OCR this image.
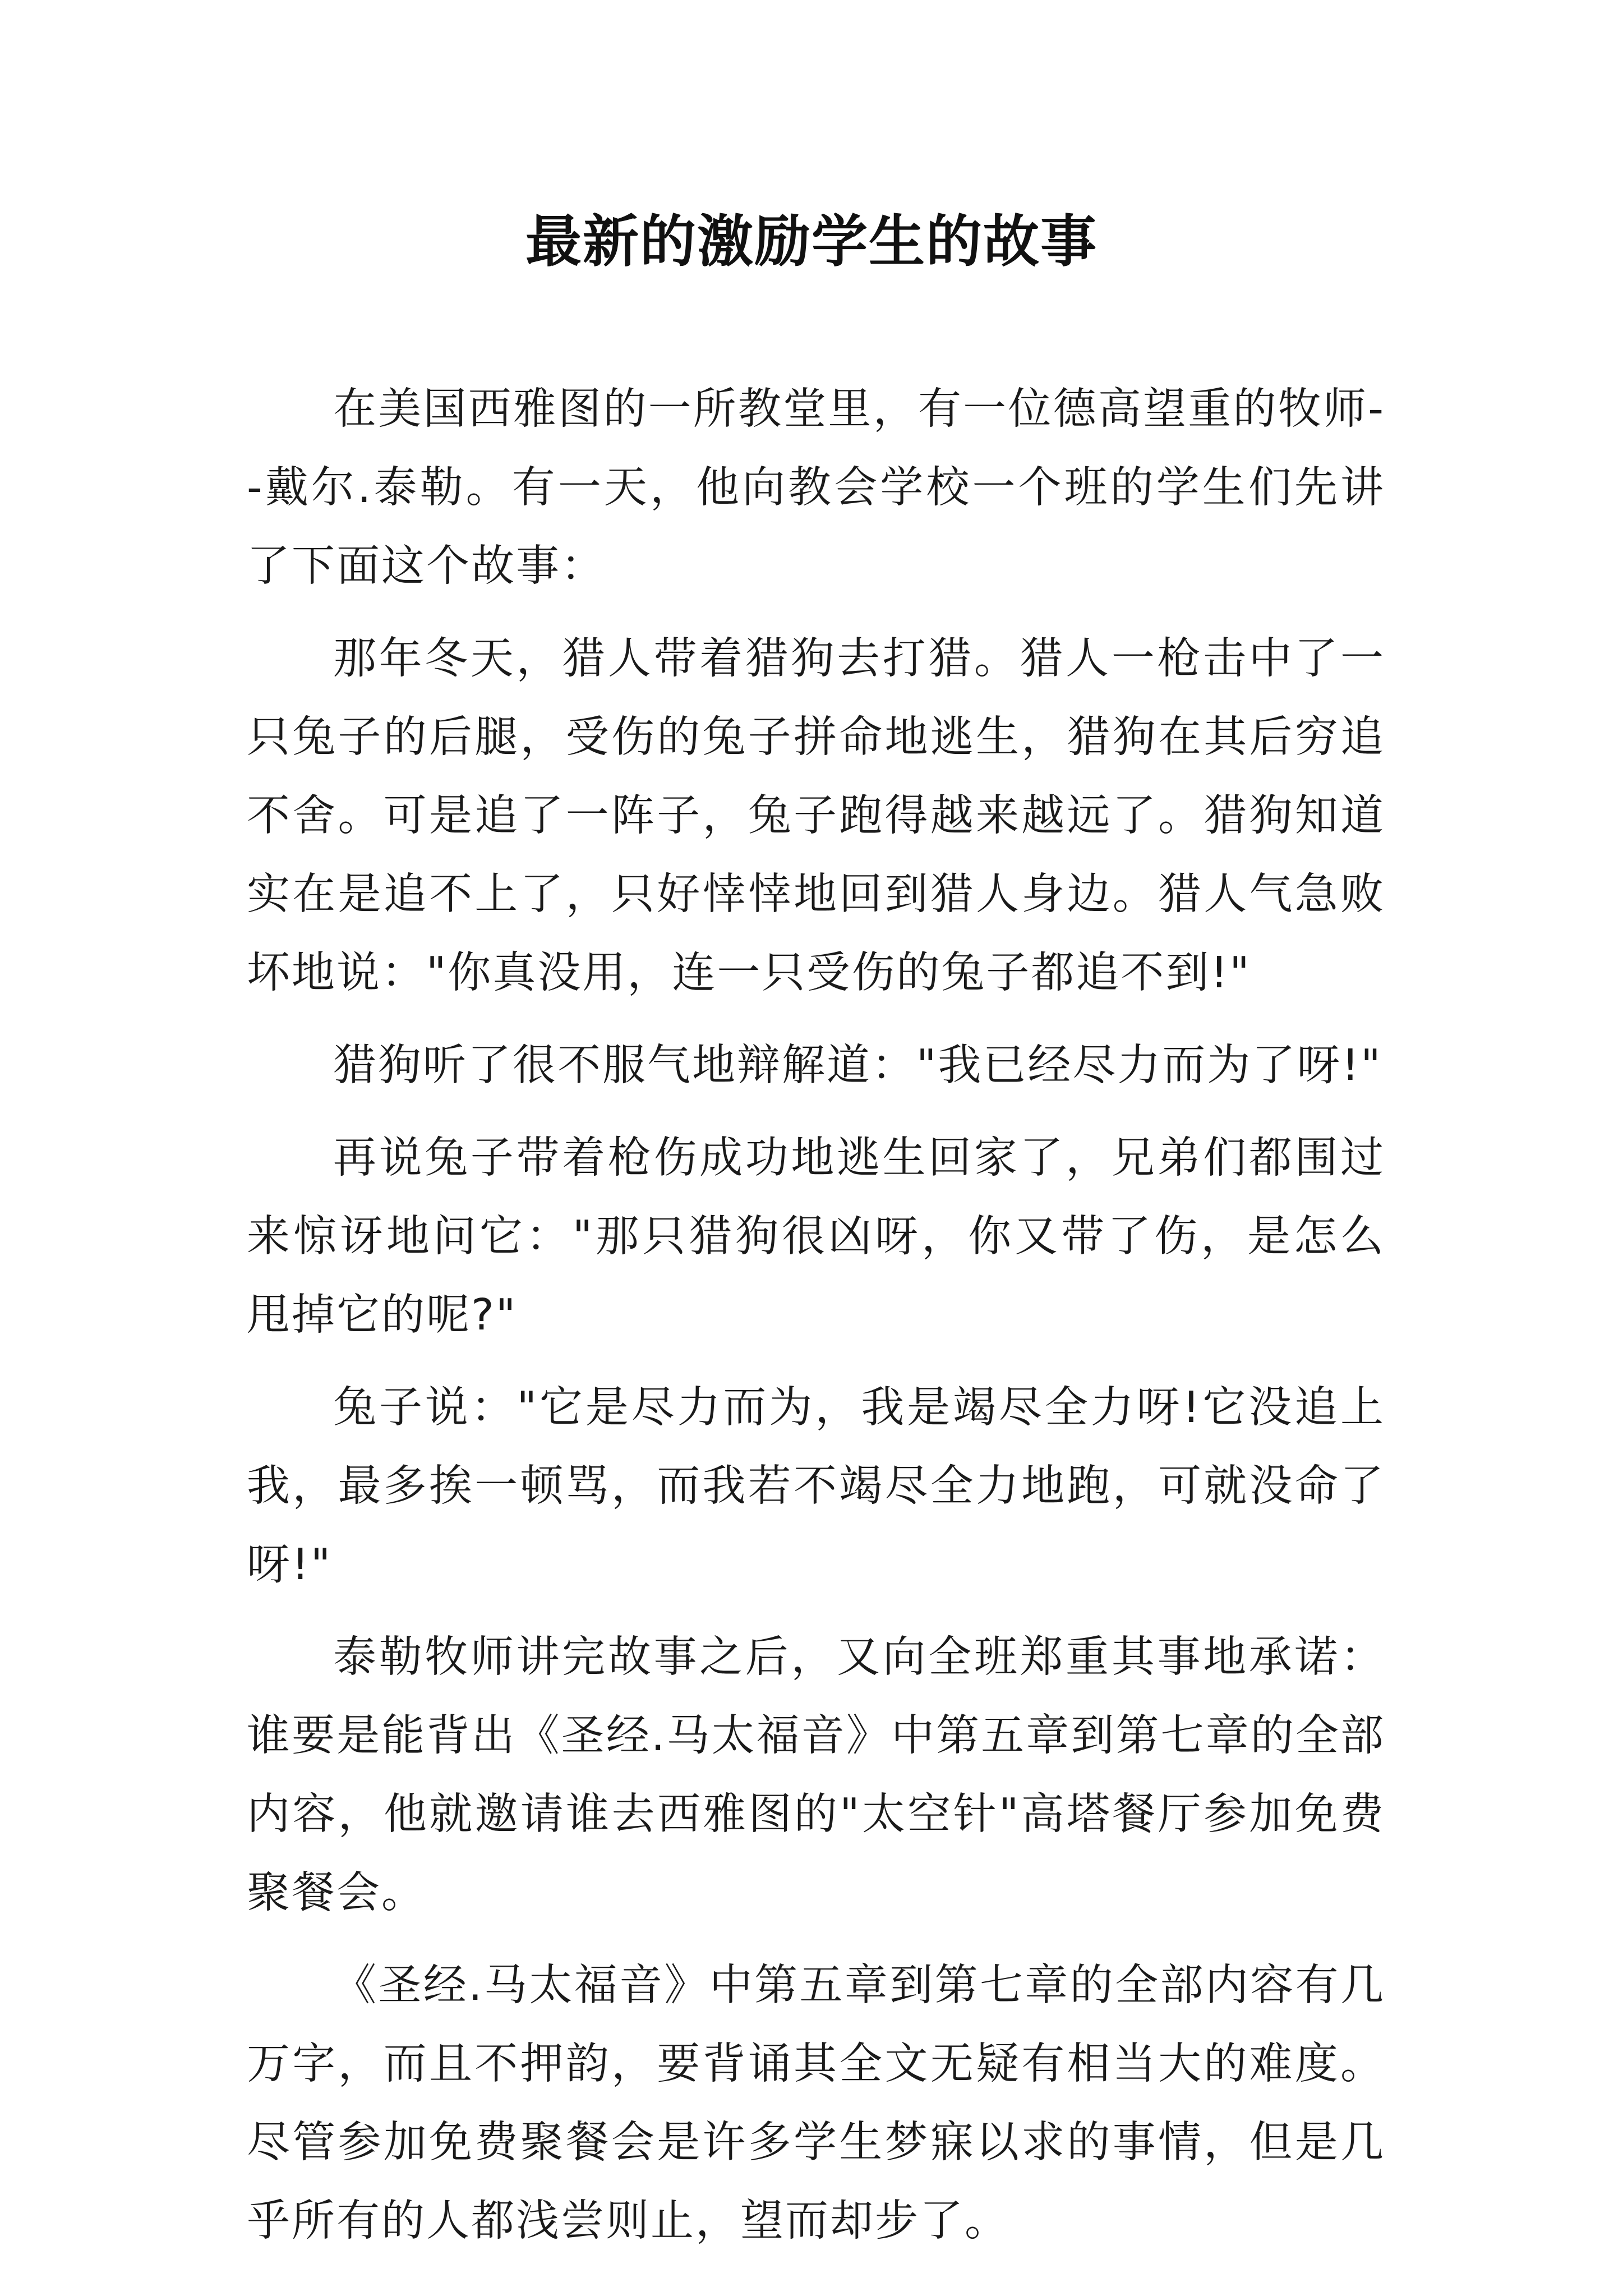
最新的激励学生的故事

在美国西雅图的一所教堂里，有一位德高望重的牧师--戴尔.泰勒。有一天，他向教会学校一个班的学生们先讲了下面这个故事：

那年冬天，猎人带着猎狗去打猎。猎人一枪击中了一只兔子的后腿，受伤的兔子拼命地逃生，猎狗在其后穷追不舍。可是追了一阵子，兔子跑得越来越远了。猎狗知道实在是追不上了，只好悻悻地回到猎人身边。猎人气急败坏地说："你真没用，连一只受伤的兔子都追不到!"

猎狗听了很不服气地辩解道："我已经尽力而为了呀!"

再说兔子带着枪伤成功地逃生回家了，兄弟们都围过来惊讶地问它："那只猎狗很凶呀，你又带了伤，是怎么甩掉它的呢?"

兔子说："它是尽力而为，我是竭尽全力呀!它没追上我，最多挨一顿骂，而我若不竭尽全力地跑，可就没命了呀!"

泰勒牧师讲完故事之后，又向全班郑重其事地承诺：谁要是能背出《圣经.马太福音》中第五章到第七章的全部内容，他就邀请谁去西雅图的"太空针"高塔餐厅参加免费聚餐会。

《圣经.马太福音》中第五章到第七章的全部内容有几万字，而且不押韵，要背诵其全文无疑有相当大的难度。尽管参加免费聚餐会是许多学生梦寐以求的事情，但是几乎所有的人都浅尝则止，望而却步了。
